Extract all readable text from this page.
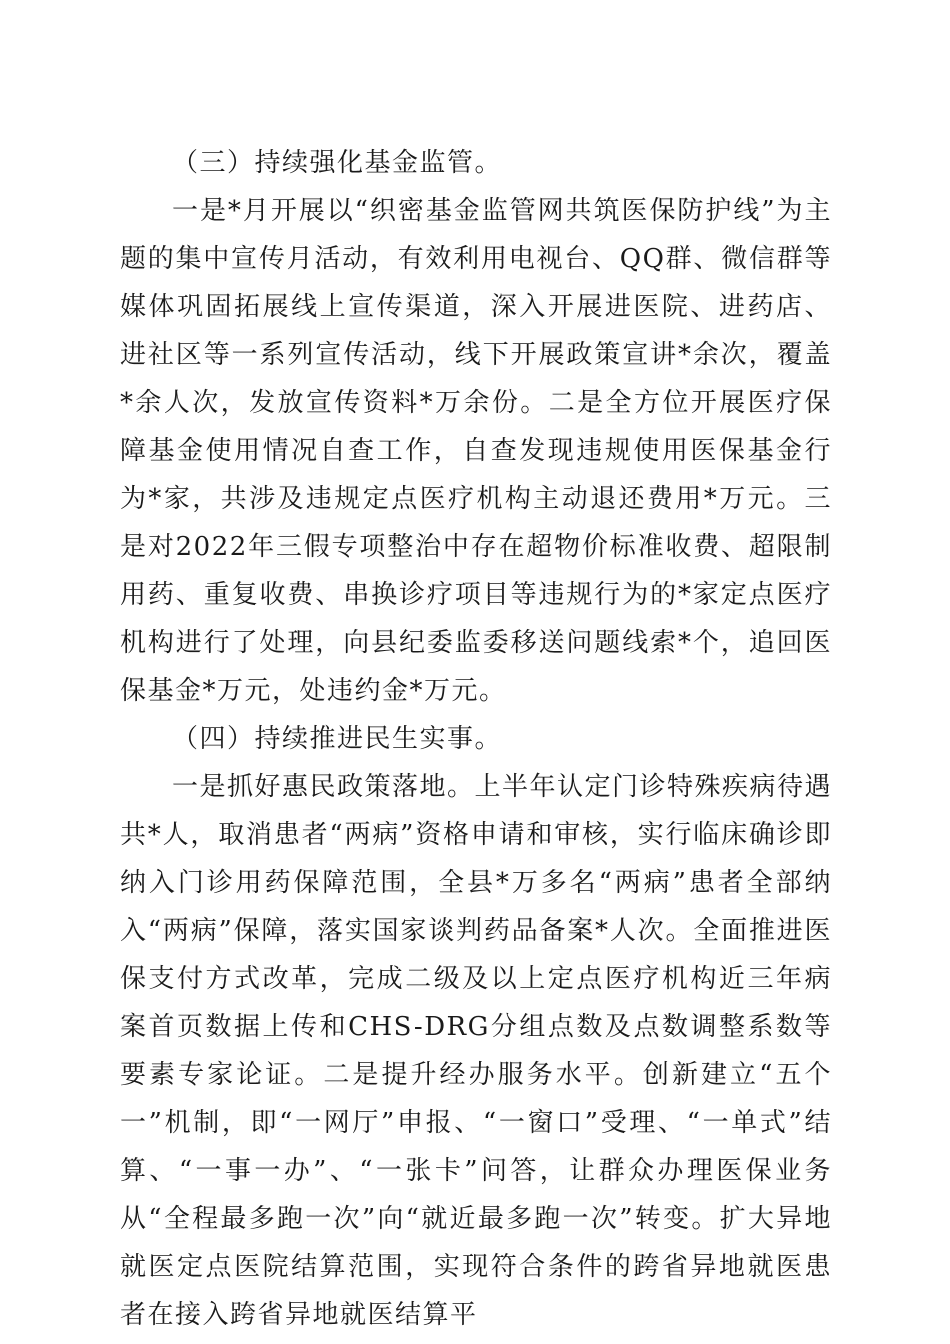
（三）持续强化基金监管。

一是*月开展以“织密基金监管网共筑医保防护线”为主题的集中宣传月活动，有效利用电视台、QQ群、微信群等媒体巩固拓展线上宣传渠道，深入开展进医院、进药店、进社区等一系列宣传活动，线下开展政策宣讲*余次，覆盖*余人次，发放宣传资料*万余份。二是全方位开展医疗保障基金使用情况自查工作，自查发现违规使用医保基金行为*家，共涉及违规定点医疗机构主动退还费用*万元。三是对2022年三假专项整治中存在超物价标准收费、超限制用药、重复收费、串换诊疗项目等违规行为的*家定点医疗机构进行了处理，向县纪委监委移送问题线索*个，追回医保基金*万元，处违约金*万元。

（四）持续推进民生实事。

一是抓好惠民政策落地。上半年认定门诊特殊疾病待遇共*人，取消患者“两病”资格申请和审核，实行临床确诊即纳入门诊用药保障范围，全县*万多名“两病”患者全部纳入“两病”保障，落实国家谈判药品备案*人次。全面推进医保支付方式改革，完成二级及以上定点医疗机构近三年病案首页数据上传和CHS-DRG分组点数及点数调整系数等要素专家论证。二是提升经办服务水平。创新建立“五个一”机制，即“一网厅”申报、“一窗口”受理、“一单式”结算、“一事一办”、“一张卡”问答，让群众办理医保业务从“全程最多跑一次”向“就近最多跑一次”转变。扩大异地就医定点医院结算范围，实现符合条件的跨省异地就医患者在接入跨省异地就医结算平
